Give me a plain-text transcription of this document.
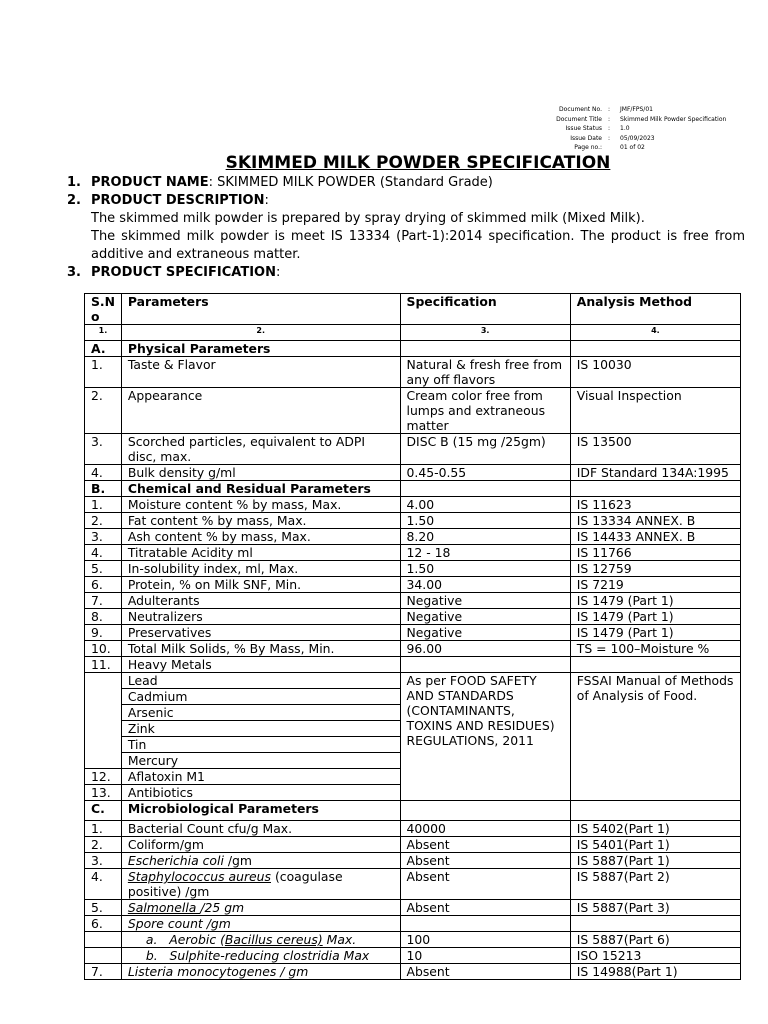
Document No.	:	JMF/FPS/01
Document Title	:	Skimmed Milk Powder Specification
Issue Status	:	1.0
Issue Date	:	05/09/2023
Page no.:	01 of 02
SKIMMED MILK POWDER SPECIFICATION
1. PRODUCT NAME: SKIMMED MILK POWDER (Standard Grade)
2. PRODUCT DESCRIPTION:
The skimmed milk powder is prepared by spray drying of skimmed milk (Mixed Milk).
The skimmed milk powder is meet IS 13334 (Part-1):2014 specification. The product is free from additive and extraneous matter.
3. PRODUCT SPECIFICATION:
S.N o	Parameters	Specification	Analysis Method
1.	2.	3.	4.
A.	Physical Parameters		
1.	Taste & Flavor	Natural & fresh free from any off flavors	IS 10030
2.	Appearance	Cream color free from lumps and extraneous matter	Visual Inspection
3.	Scorched particles, equivalent to ADPI disc, max.	DISC B (15 mg /25gm)	IS 13500
4.	Bulk density g/ml	0.45-0.55	IDF Standard 134A:1995
B.	Chemical and Residual Parameters		
1.	Moisture content % by mass, Max.	4.00	IS 11623
2.	Fat content % by mass, Max.	1.50	IS 13334 ANNEX. B
3.	Ash content % by mass, Max.	8.20	IS 14433 ANNEX. B
4.	Titratable Acidity ml	12 - 18	IS 11766
5.	In-solubility index, ml, Max.	1.50	IS 12759
6.	Protein, % on Milk SNF, Min.	34.00	IS 7219
7.	Adulterants	Negative	IS 1479 (Part 1)
8.	Neutralizers	Negative	IS 1479 (Part 1)
9.	Preservatives	Negative	IS 1479 (Part 1)
10.	Total Milk Solids, % By Mass, Min.	96.00	TS = 100–Moisture %
11.	Heavy Metals		
	Lead	As per FOOD SAFETY AND STANDARDS (CONTAMINANTS, TOXINS AND RESIDUES) REGULATIONS, 2011	FSSAI Manual of Methods of Analysis of Food.
	Cadmium		
	Arsenic		
	Zink		
	Tin		
	Mercury		
12.	Aflatoxin M1		
13.	Antibiotics		
C.	Microbiological Parameters		
1.	Bacterial Count cfu/g Max.	40000	IS 5402(Part 1)
2.	Coliform/gm	Absent	IS 5401(Part 1)
3.	Escherichia coli /gm	Absent	IS 5887(Part 1)
4.	Staphylococcus aureus (coagulase positive) /gm	Absent	IS 5887(Part 2)
5.	Salmonella /25 gm	Absent	IS 5887(Part 3)
6.	Spore count /gm		
	a. Aerobic (Bacillus cereus) Max.	100	IS 5887(Part 6)
	b. Sulphite-reducing clostridia Max	10	ISO 15213
7.	Listeria monocytogenes / gm	Absent	IS 14988(Part 1)
